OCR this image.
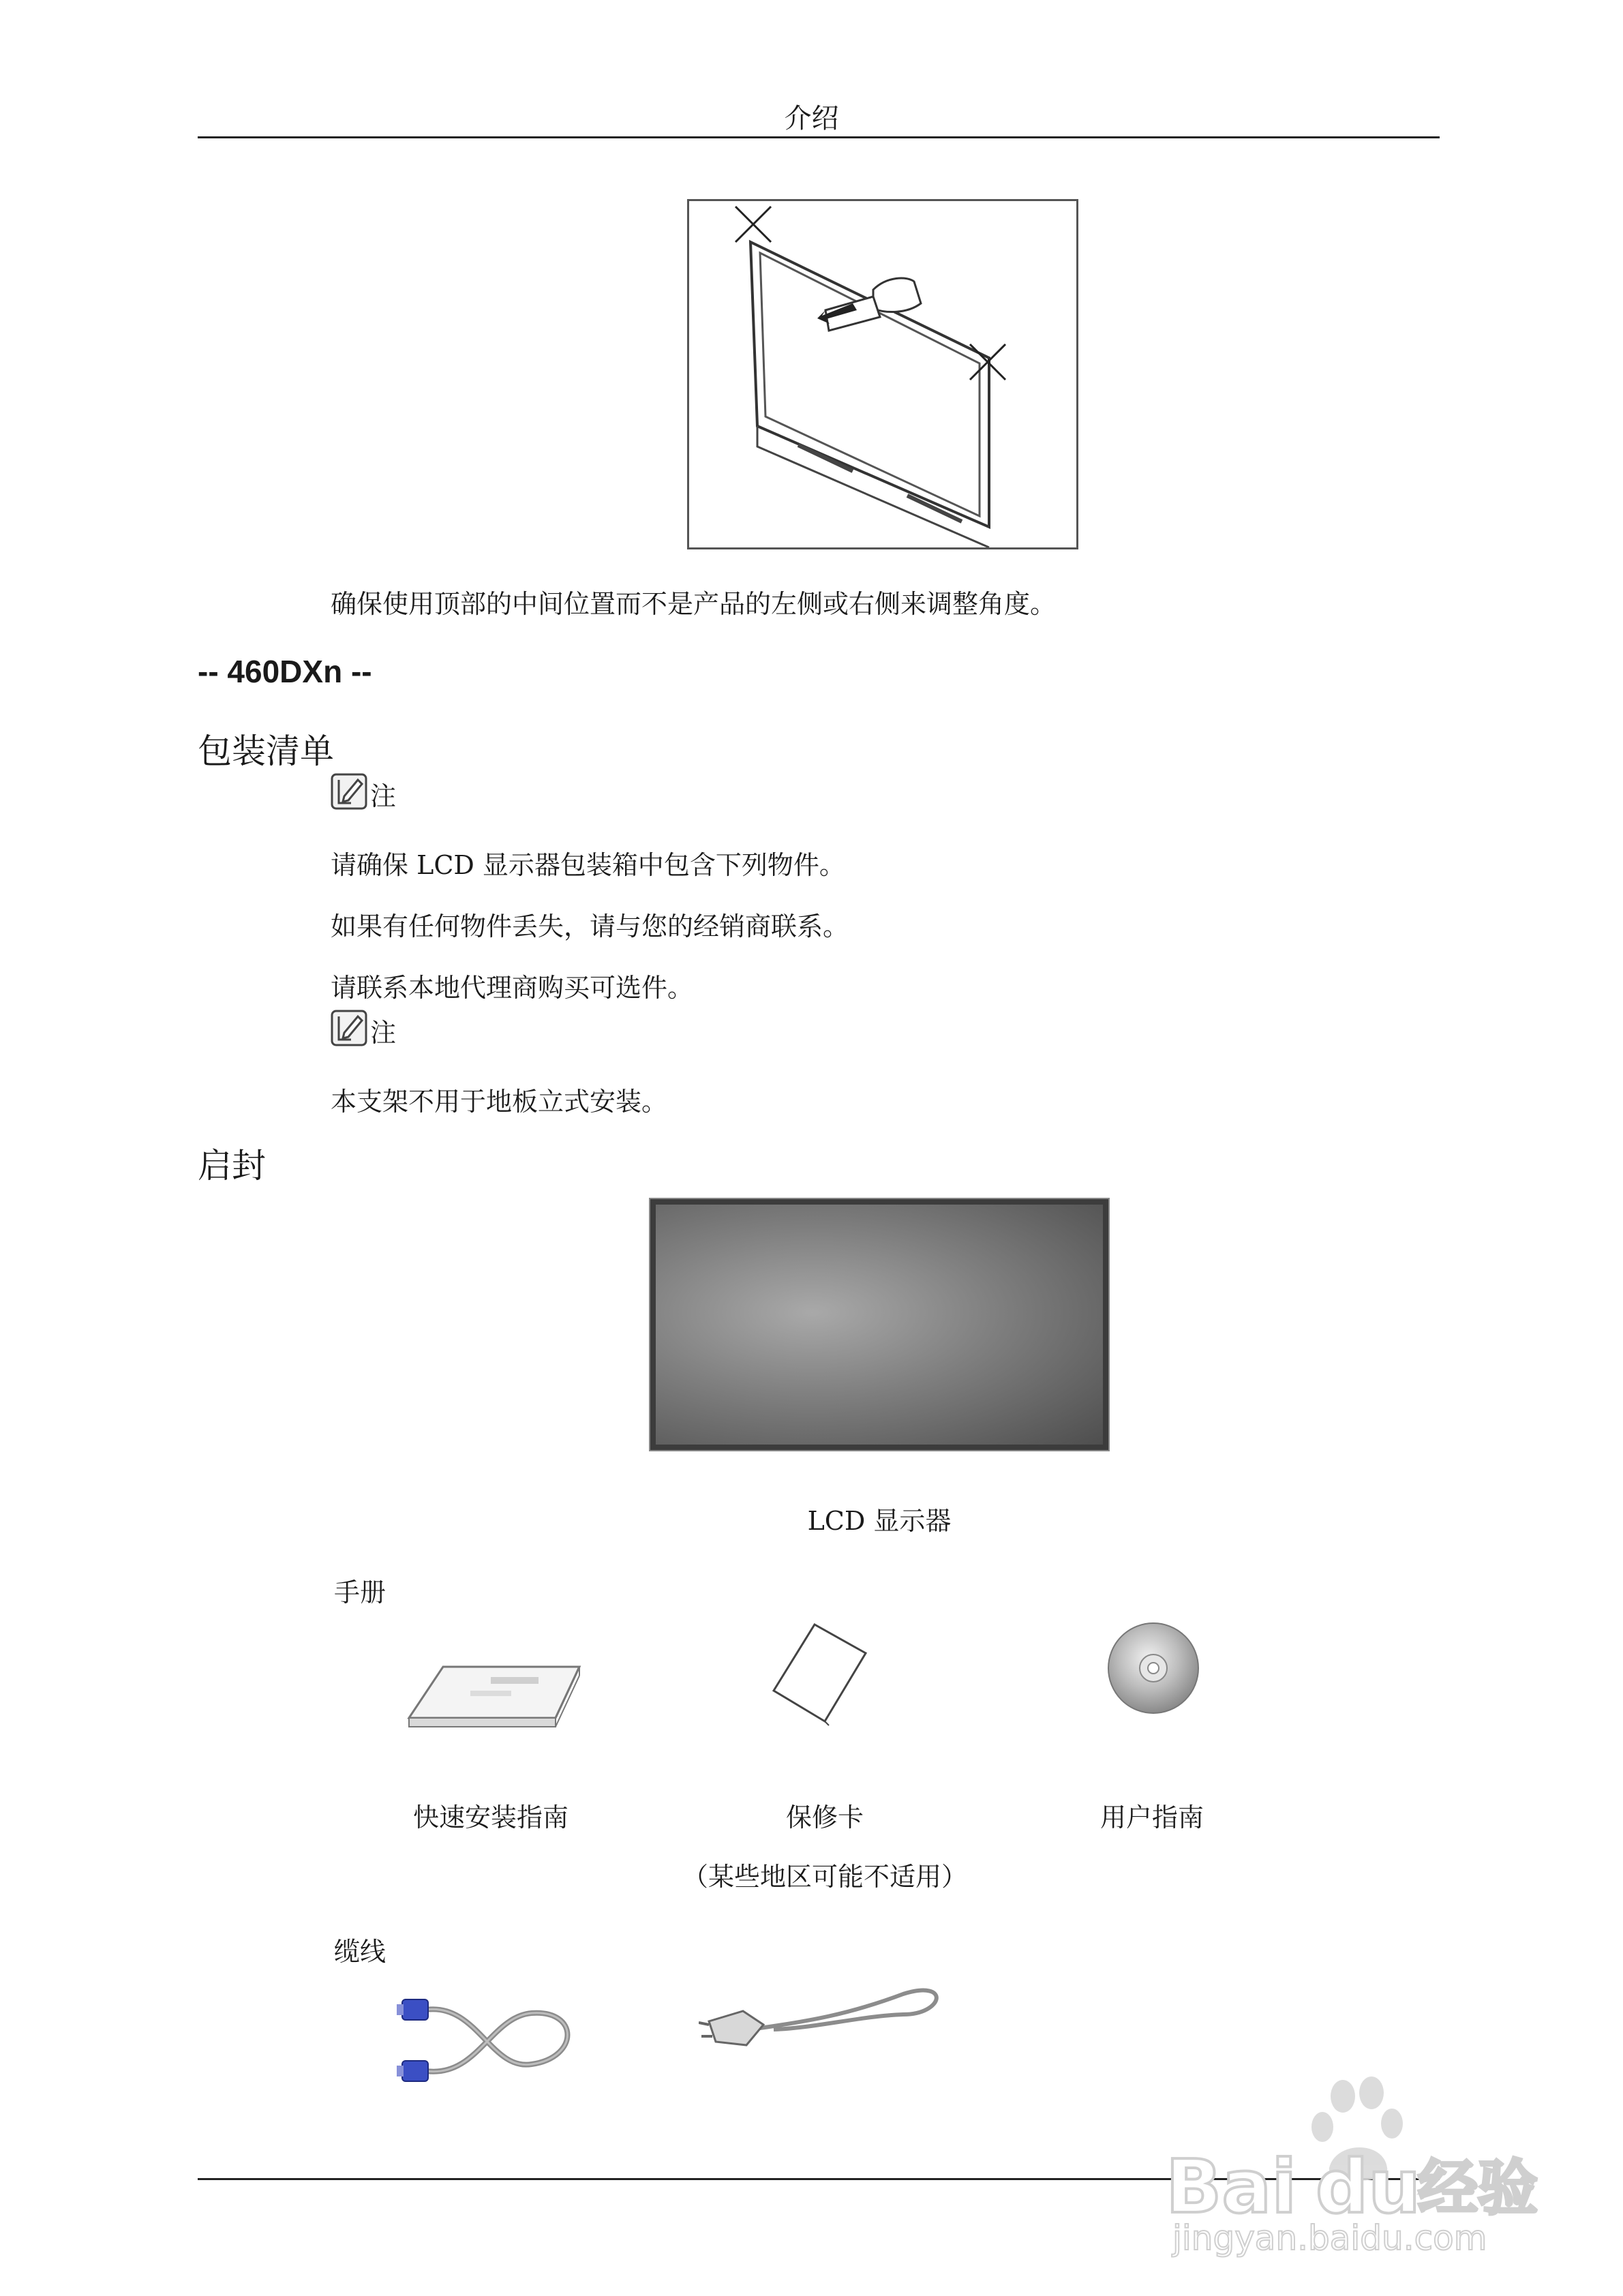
介绍
确保使用顶部的中间位置而不是产品的左侧或右侧来调整角度。
-- 460DXn --
包装清单
注
请确保 LCD 显示器包装箱中包含下列物件。
如果有任何物件丢失，请与您的经销商联系。
请联系本地代理商购买可选件。
注
本支架不用于地板立式安装。
启封
LCD 显示器
手册
快速安装指南	保修卡	用户指南
（某些地区可能不适用）
缆线
Bai du
经验
jingyan.baidu.com
